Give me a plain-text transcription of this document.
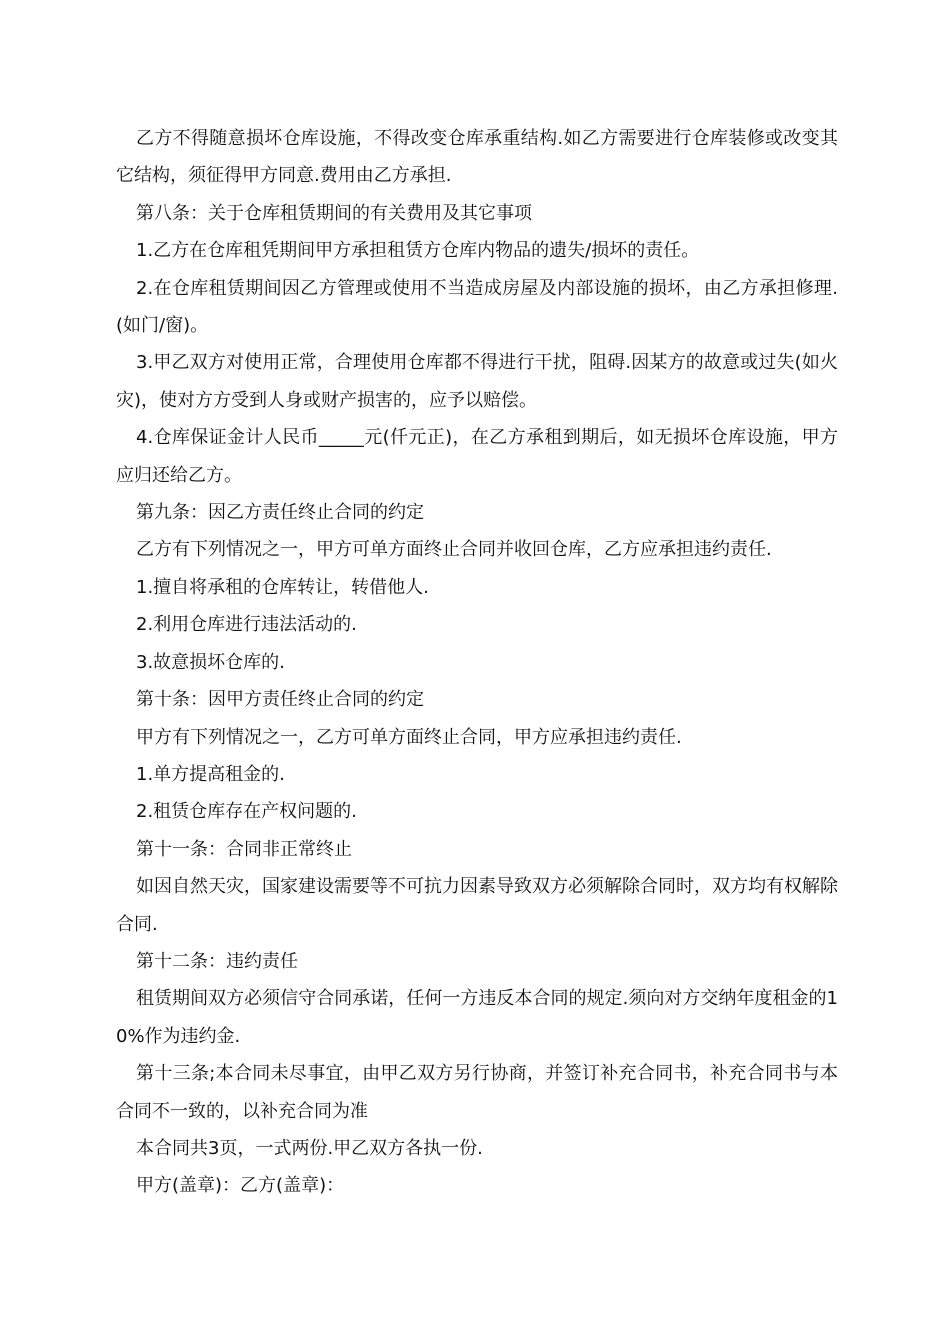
乙方不得随意损坏仓库设施，不得改变仓库承重结构.如乙方需要进行仓库装修或改变其它结构，须征得甲方同意.费用由乙方承担.

第八条：关于仓库租赁期间的有关费用及其它事项

1.乙方在仓库租凭期间甲方承担租赁方仓库内物品的遗失/损坏的责任。

2.在仓库租赁期间因乙方管理或使用不当造成房屋及内部设施的损坏，由乙方承担修理.(如门/窗)。

3.甲乙双方对使用正常，合理使用仓库都不得进行干扰，阻碍.因某方的故意或过失(如火灾)，使对方方受到人身或财产损害的，应予以赔偿。

4.仓库保证金计人民币_____元(仟元正)，在乙方承租到期后，如无损坏仓库设施，甲方应归还给乙方。

第九条：因乙方责任终止合同的约定

乙方有下列情况之一，甲方可单方面终止合同并收回仓库，乙方应承担违约责任.

1.擅自将承租的仓库转让，转借他人.

2.利用仓库进行违法活动的.

3.故意损坏仓库的.

第十条：因甲方责任终止合同的约定

甲方有下列情况之一，乙方可单方面终止合同，甲方应承担违约责任.

1.单方提高租金的.

2.租赁仓库存在产权问题的.

第十一条：合同非正常终止

如因自然天灾，国家建设需要等不可抗力因素导致双方必须解除合同时，双方均有权解除合同.

第十二条：违约责任

租赁期间双方必须信守合同承诺，任何一方违反本合同的规定.须向对方交纳年度租金的10%作为违约金.

第十三条;本合同未尽事宜，由甲乙双方另行协商，并签订补充合同书，补充合同书与本合同不一致的，以补充合同为准

本合同共3页，一式两份.甲乙双方各执一份.

甲方(盖章)：乙方(盖章)：
